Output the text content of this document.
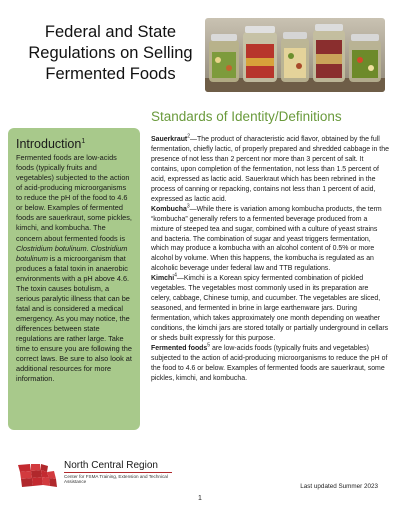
Federal and State Regulations on Selling Fermented Foods
Introduction$^1$
Fermented foods are low-acids foods (typically fruits and vegetables) subjected to the action of acid-producing microorganisms to reduce the pH of the food to 4.6 or below. Examples of fermented foods are sauerkraut, some pickles, kimchi, and kombucha. The concern about fermented foods is Clostridium botulinum. Clostridium botulinum is a microorganism that produces a fatal toxin in anaerobic environments with a pH above 4.6. The toxin causes botulism, a serious paralytic illness that can be fatal and is considered a medical emergency. As you may notice, the differences between state regulations are rather large. Take time to ensure you are following the correct laws. Be sure to also look at additional resources for more information.
Standards of Identity/Definitions

Sauerkraut$^2$—The product of characteristic acid flavor, obtained by the full fermentation, chiefly lactic, of properly prepared and shredded cabbage in the presence of not less than 2 percent nor more than 3 percent of salt. It contains, upon completion of the fermentation, not less than 1.5 percent of acid, expressed as lactic acid. Sauerkraut which has been rebrined in the process of canning or repacking, contains not less than 1 percent of acid, expressed as lactic acid.

Kombucha$^3$—While there is variation among kombucha products, the term “kombucha” generally refers to a fermented beverage produced from a mixture of steeped tea and sugar, combined with a culture of yeast strains and bacteria. The combination of sugar and yeast triggers fermentation, which may produce a kombucha with an alcohol content of 0.5% or more alcohol by volume. When this happens, the kombucha is regulated as an alcoholic beverage under federal law and TTB regulations.

Kimchi$^4$—Kimchi is a Korean spicy fermented combination of pickled vegetables. The vegetables most commonly used in its preparation are celery, cabbage, Chinese turnip, and cucumber. The vegetables are sliced, seasoned, and fermented in brine in large earthenware jars. During fermentation, which takes approximately one month depending on weather conditions, the kimchi jars are stored totally or partially underground in cellars or sheds built expressly for this purpose.

Fermented foods$^5$ are low-acids foods (typically fruits and vegetables) subjected to the action of acid-producing microorganisms to reduce the pH of the food to 4.6 or below. Examples of fermented foods are sauerkraut, some pickles, kimchi, and kombucha.

North Central Region
Center for FSMA Training, Extension and Technical Assistance
Last updated Summer 2023
1
